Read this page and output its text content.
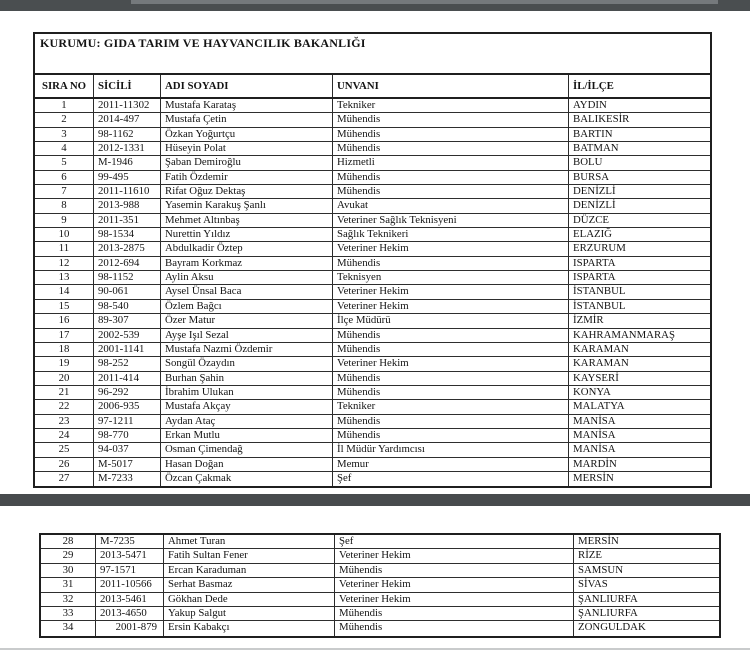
KURUMU: GIDA TARIM VE HAYVANCILIK BAKANLIĞI
SIRA NO	SİCİLİ	ADI SOYADI	UNVANI	İL/İLÇE
1	2011-11302	Mustafa Karataş	Tekniker	AYDIN
2	2014-497	Mustafa Çetin	Mühendis	BALIKESİR
3	98-1162	Özkan Yoğurtçu	Mühendis	BARTIN
4	2012-1331	Hüseyin Polat	Mühendis	BATMAN
5	M-1946	Şaban Demiroğlu	Hizmetli	BOLU
6	99-495	Fatih Özdemir	Mühendis	BURSA
7	2011-11610	Rifat Oğuz Dektaş	Mühendis	DENİZLİ
8	2013-988	Yasemin Karakuş Şanlı	Avukat	DENİZLİ
9	2011-351	Mehmet Altınbaş	Veteriner Sağlık Teknisyeni	DÜZCE
10	98-1534	Nurettin Yıldız	Sağlık Teknikeri	ELAZIĞ
11	2013-2875	Abdulkadir Öztep	Veteriner Hekim	ERZURUM
12	2012-694	Bayram Korkmaz	Mühendis	ISPARTA
13	98-1152	Aylin Aksu	Teknisyen	ISPARTA
14	90-061	Aysel Ünsal Baca	Veteriner Hekim	İSTANBUL
15	98-540	Özlem Bağcı	Veteriner Hekim	İSTANBUL
16	89-307	Özer Matur	İlçe Müdürü	İZMİR
17	2002-539	Ayşe Işıl Sezal	Mühendis	KAHRAMANMARAŞ
18	2001-1141	Mustafa Nazmi Özdemir	Mühendis	KARAMAN
19	98-252	Songül Özaydın	Veteriner Hekim	KARAMAN
20	2011-414	Burhan Şahin	Mühendis	KAYSERİ
21	96-292	İbrahim Ulukan	Mühendis	KONYA
22	2006-935	Mustafa Akçay	Tekniker	MALATYA
23	97-1211	Aydan Ataç	Mühendis	MANİSA
24	98-770	Erkan Mutlu	Mühendis	MANİSA
25	94-037	Osman Çimendağ	İl Müdür Yardımcısı	MANİSA
26	M-5017	Hasan Doğan	Memur	MARDİN
27	M-7233	Özcan Çakmak	Şef	MERSİN
28	M-7235	Ahmet Turan	Şef	MERSİN
29	2013-5471	Fatih Sultan Fener	Veteriner Hekim	RİZE
30	97-1571	Ercan Karaduman	Mühendis	SAMSUN
31	2011-10566	Serhat Basmaz	Veteriner Hekim	SİVAS
32	2013-5461	Gökhan Dede	Veteriner Hekim	ŞANLIURFA
33	2013-4650	Yakup Salgut	Mühendis	ŞANLIURFA
34	2001-879	Ersin Kabakçı	Mühendis	ZONGULDAK
